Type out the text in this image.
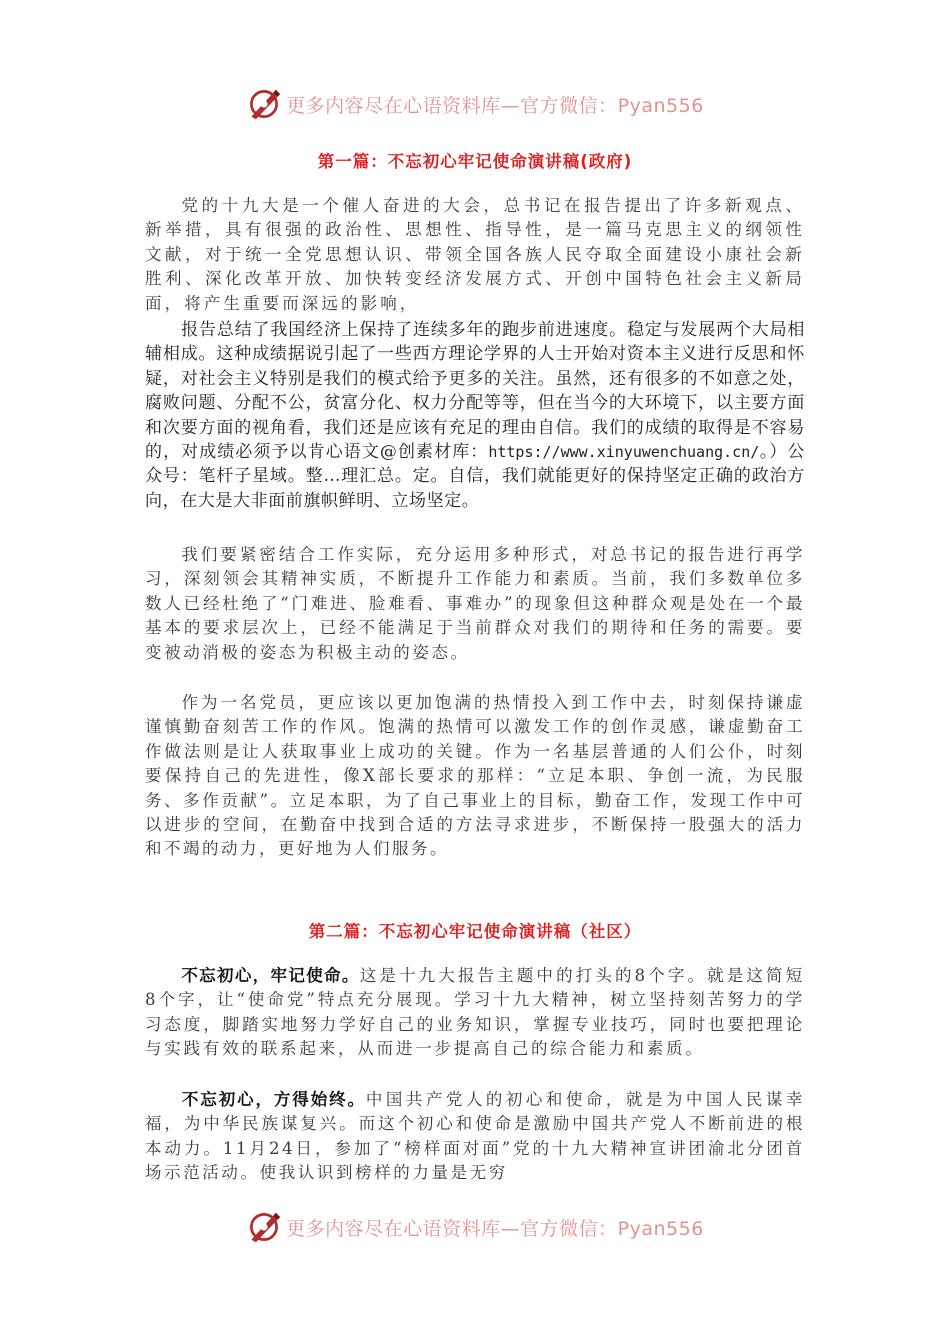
更多内容尽在心语资料库—官方微信：Pyan556
第一篇：不忘初心牢记使命演讲稿(政府)
党的十九大是一个催人奋进的大会，总书记在报告提出了许多新观点、新举措，具有很强的政治性、思想性、指导性，是一篇马克思主义的纲领性文献，对于统一全党思想认识、带领全国各族人民夺取全面建设小康社会新胜利、深化改革开放、加快转变经济发展方式、开创中国特色社会主义新局面，将产生重要而深远的影响，
报告总结了我国经济上保持了连续多年的跑步前进速度。稳定与发展两个大局相辅相成。这种成绩据说引起了一些西方理论学界的人士开始对资本主义进行反思和怀疑，对社会主义特别是我们的模式给予更多的关注。虽然，还有很多的不如意之处，腐败问题、分配不公，贫富分化、权力分配等等，但在当今的大环境下，以主要方面和次要方面的视角看，我们还是应该有充足的理由自信。我们的成绩的取得是不容易的，对成绩必须予以肯心语文@创素材库：https://www.xinyuwenchuang.cn/。）公众号：笔杆子星域。整…理汇总。定。自信，我们就能更好的保持坚定正确的政治方向，在大是大非面前旗帜鲜明、立场坚定。
我们要紧密结合工作实际，充分运用多种形式，对总书记的报告进行再学习，深刻领会其精神实质，不断提升工作能力和素质。当前，我们多数单位多数人已经杜绝了“门难进、脸难看、事难办”的现象但这种群众观是处在一个最基本的要求层次上，已经不能满足于当前群众对我们的期待和任务的需要。要变被动消极的姿态为积极主动的姿态。
作为一名党员，更应该以更加饱满的热情投入到工作中去，时刻保持谦虚谨慎勤奋刻苦工作的作风。饱满的热情可以激发工作的创作灵感，谦虚勤奋工作做法则是让人获取事业上成功的关键。作为一名基层普通的人们公仆，时刻要保持自己的先进性，像X部长要求的那样：“立足本职、争创一流，为民服务、多作贡献”。立足本职，为了自己事业上的目标，勤奋工作，发现工作中可以进步的空间，在勤奋中找到合适的方法寻求进步，不断保持一股强大的活力和不竭的动力，更好地为人们服务。
第二篇：不忘初心牢记使命演讲稿（社区）
不忘初心，牢记使命。这是十九大报告主题中的打头的8个字。就是这简短8个字，让“使命党”特点充分展现。学习十九大精神，树立坚持刻苦努力的学习态度，脚踏实地努力学好自己的业务知识，掌握专业技巧，同时也要把理论与实践有效的联系起来，从而进一步提高自己的综合能力和素质。
不忘初心，方得始终。中国共产党人的初心和使命，就是为中国人民谋幸福，为中华民族谋复兴。而这个初心和使命是激励中国共产党人不断前进的根本动力。11月24日，参加了“榜样面对面”党的十九大精神宣讲团渝北分团首场示范活动。使我认识到榜样的力量是无穷
更多内容尽在心语资料库—官方微信：Pyan556
